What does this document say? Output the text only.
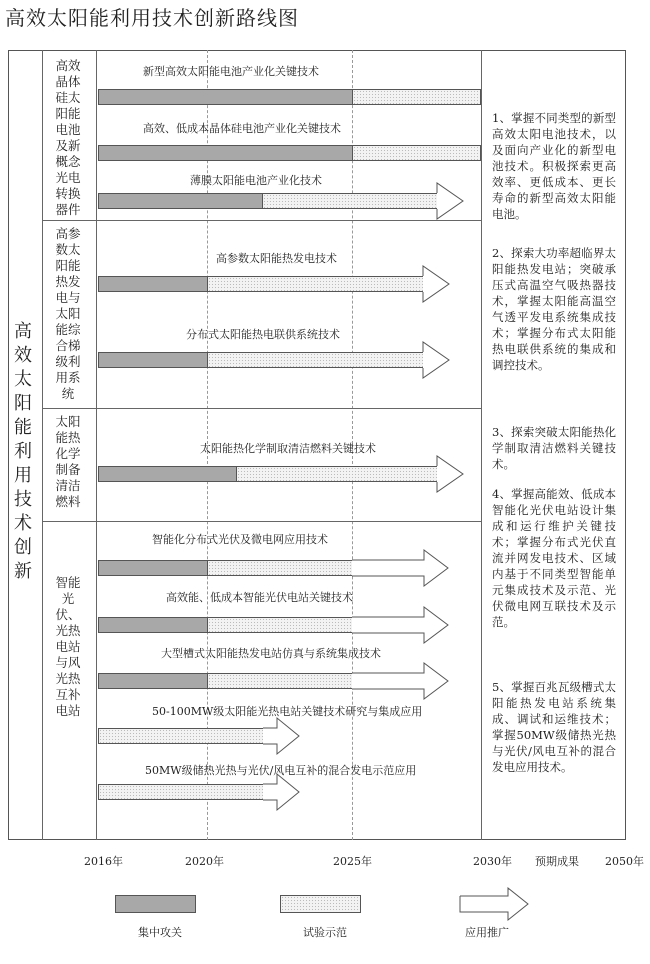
高效太阳能利用技术创新路线图
高效太阳能利用技术创新
高效晶体硅太阳能电池及新概念光电转换器件
高参数太阳能热发电与太阳能综合梯级利用系统
太阳能热化学制备清洁燃料
智能光伏、光热电站与风光热互补电站
新型高效太阳能电池产业化关键技术
高效、低成本晶体硅电池产业化关键技术
薄膜太阳能电池产业化技术
高参数太阳能热发电技术
分布式太阳能热电联供系统技术
太阳能热化学制取清洁燃料关键技术
智能化分布式光伏及微电网应用技术
高效能、低成本智能光伏电站关键技术
大型槽式太阳能热发电站仿真与系统集成技术
50-100MW级太阳能光热电站关键技术研究与集成应用
50MW级储热光热与光伏/风电互补的混合发电示范应用
1、掌握不同类型的新型高效太阳电池技术，以及面向产业化的新型电池技术。积极探索更高效率、更低成本、更长寿命的新型高效太阳能电池。
2、探索大功率超临界太阳能热发电站；突破承压式高温空气吸热器技术，掌握太阳能高温空气透平发电系统集成技术；掌握分布式太阳能热电联供系统的集成和调控技术。
3、探索突破太阳能热化学制取清洁燃料关键技术。
4、掌握高能效、低成本智能化光伏电站设计集成和运行维护关键技术；掌握分布式光伏直流并网发电技术、区域内基于不同类型智能单元集成技术及示范、光伏微电网互联技术及示范。
5、掌握百兆瓦级槽式太阳能热发电站系统集成、调试和运维技术；掌握50MW级储热光热与光伏/风电互补的混合发电应用技术。
2016年	2020年	2025年	2030年 预期成果 2050年
集中攻关	试验示范	应用推广
